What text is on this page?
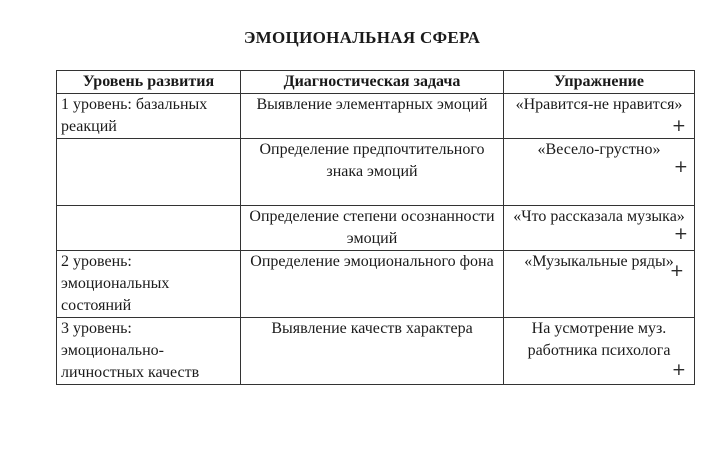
ЭМОЦИОНАЛЬНАЯ СФЕРА
Уровень развития	Диагностическая задача	Упражнение
1 уровень: базальных реакций	Выявление элементарных эмоций	«Нравится-не нравится»
+

	Определение предпочтительного знака эмоций	«Весело-грустно»
+

	Определение степени осознанности эмоций	«Что рассказала музыка»
+

2 уровень: эмоциональных состояний	Определение эмоционального фона	«Музыкальные ряды»
+

3 уровень: эмоционально-личностных качеств	Выявление качеств характера	На усмотрение муз. работника психолога
+
